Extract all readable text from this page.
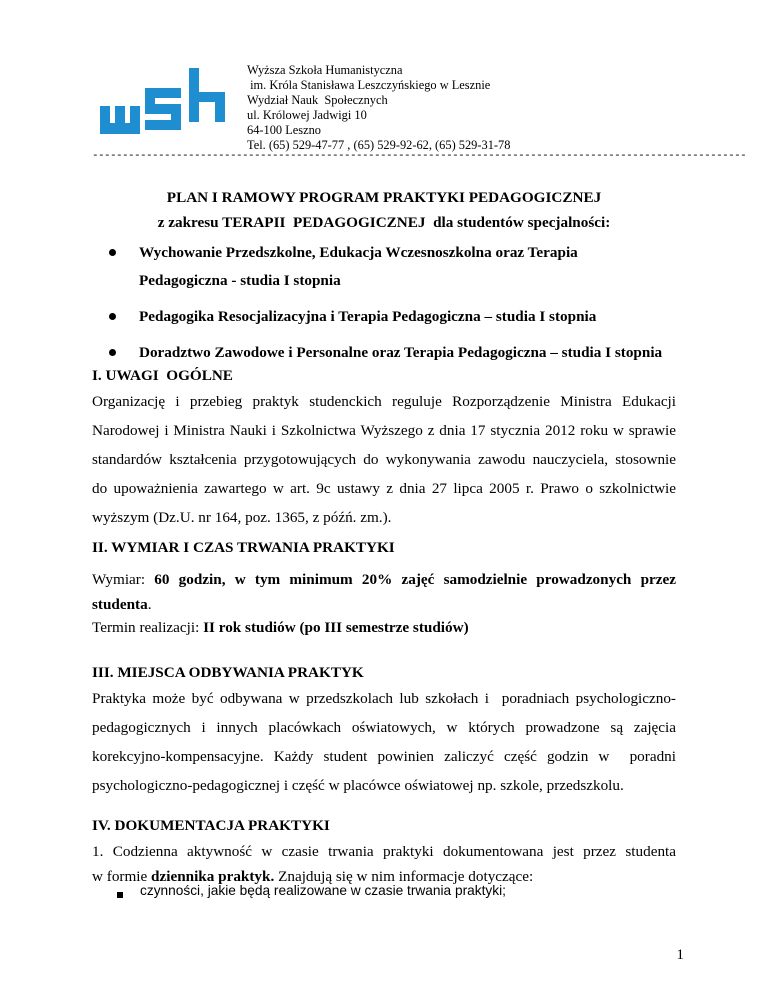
Wyższa Szkoła Humanistyczna
im. Króla Stanisława Leszczyńskiego w Lesznie
Wydział Nauk  Społecznych
ul. Królowej Jadwigi 10
64-100 Leszno
Tel. (65) 529-47-77 , (65) 529-92-62, (65) 529-31-78
-------------------------------------------------------------------------------------------------------------
PLAN I RAMOWY PROGRAM PRAKTYKI PEDAGOGICZNEJ
z zakresu TERAPII  PEDAGOGICZNEJ  dla studentów specjalności:
Wychowanie Przedszkolne, Edukacja Wczesnoszkolna oraz Terapia
Pedagogiczna - studia I stopnia
Pedagogika Resocjalizacyjna i Terapia Pedagogiczna – studia I stopnia
Doradztwo Zawodowe i Personalne oraz Terapia Pedagogiczna – studia I stopnia
I. UWAGI  OGÓLNE
Organizację i przebieg praktyk studenckich reguluje Rozporządzenie Ministra Edukacji
Narodowej i Ministra Nauki i Szkolnictwa Wyższego z dnia 17 stycznia 2012 roku w sprawie
standardów kształcenia przygotowujących do wykonywania zawodu nauczyciela, stosownie
do upoważnienia zawartego w art. 9c ustawy z dnia 27 lipca 2005 r. Prawo o szkolnictwie
wyższym (Dz.U. nr 164, poz. 1365, z późń. zm.).
II. WYMIAR I CZAS TRWANIA PRAKTYKI
Wymiar: 60 godzin, w tym minimum 20% zajęć samodzielnie prowadzonych przez
studenta.
Termin realizacji: II rok studiów (po III semestrze studiów)
III. MIEJSCA ODBYWANIA PRAKTYK
Praktyka może być odbywana w przedszkolach lub szkołach i  poradniach psychologiczno-
pedagogicznych i innych placówkach oświatowych, w których prowadzone są zajęcia
korekcyjno-kompensacyjne. Każdy student powinien zaliczyć część godzin w  poradni
psychologiczno-pedagogicznej i część w placówce oświatowej np. szkole, przedszkolu.
IV. DOKUMENTACJA PRAKTYKI
1. Codzienna aktywność w czasie trwania praktyki dokumentowana jest przez studenta
w formie dziennika praktyk. Znajdują się w nim informacje dotyczące:
czynności, jakie będą realizowane w czasie trwania praktyki;
1
